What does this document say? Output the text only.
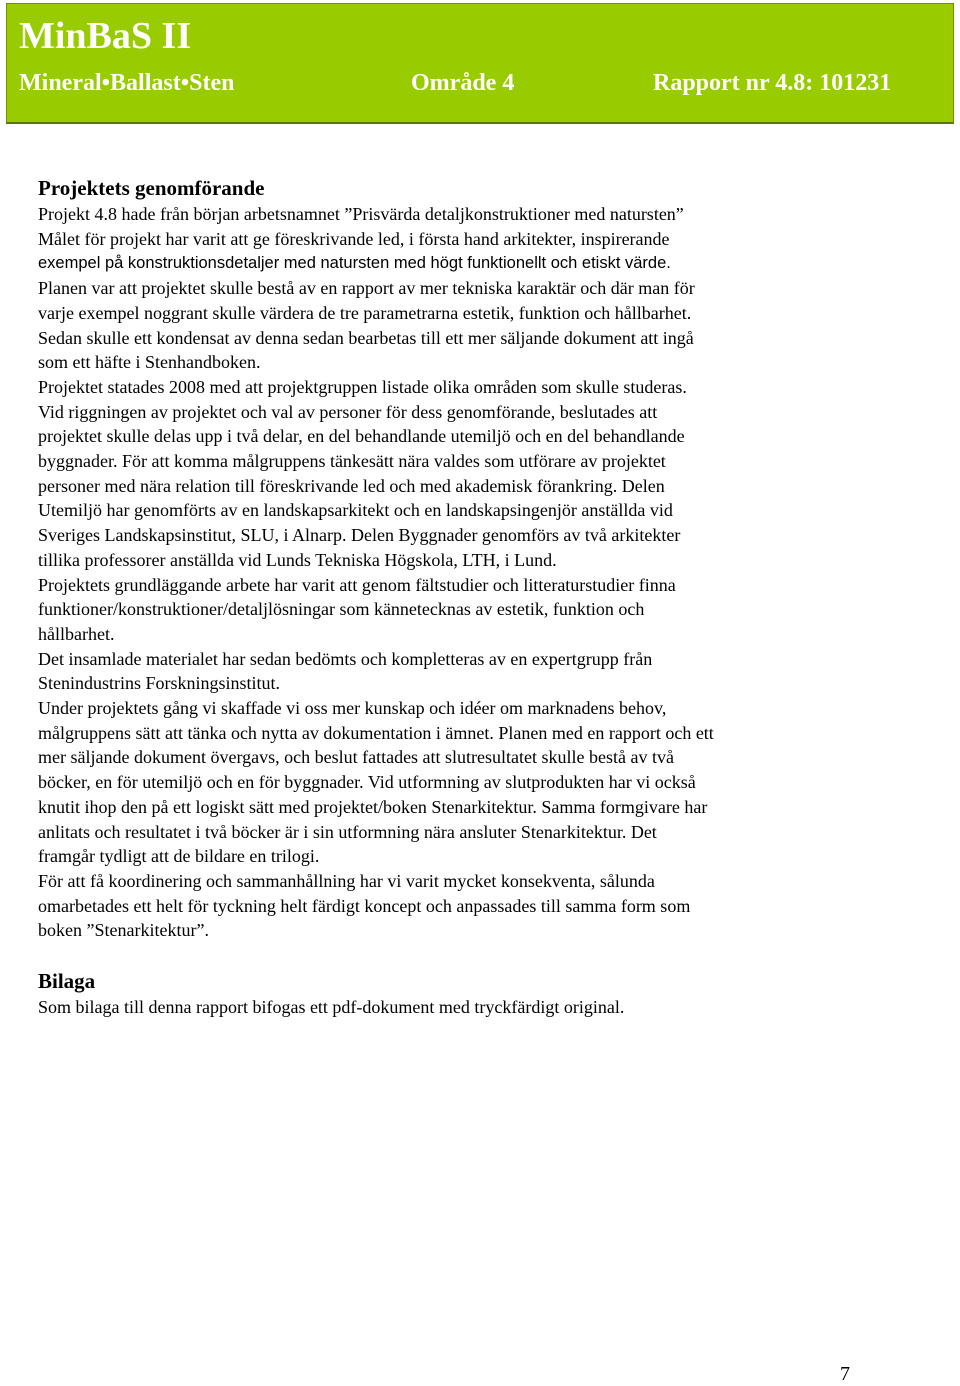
MinBaS II
Mineral•Ballast•Sten	Område 4	Rapport nr 4.8: 101231
Projektets genomförande

Projekt 4.8 hade från början arbetsnamnet ”Prisvärda detaljkonstruktioner med natursten”
Målet för projekt har varit att ge föreskrivande led, i första hand arkitekter, inspirerande
exempel på konstruktionsdetaljer med natursten med högt funktionellt och etiskt värde.
Planen var att projektet skulle bestå av en rapport av mer tekniska karaktär och där man för
varje exempel noggrant skulle värdera de tre parametrarna estetik, funktion och hållbarhet.
Sedan skulle ett kondensat av denna sedan bearbetas till ett mer säljande dokument att ingå
som ett häfte i Stenhandboken.

Projektet statades 2008 med att projektgruppen listade olika områden som skulle studeras.

Vid riggningen av projektet och val av personer för dess genomförande, beslutades att
projektet skulle delas upp i två delar, en del behandlande utemiljö och en del behandlande
byggnader. För att komma målgruppens tänkesätt nära valdes som utförare av projektet
personer med nära relation till föreskrivande led och med akademisk förankring. Delen
Utemiljö har genomförts av en landskapsarkitekt och en landskapsingenjör anställda vid
Sveriges Landskapsinstitut, SLU, i Alnarp. Delen Byggnader genomförs av två arkitekter
tillika professorer anställda vid Lunds Tekniska Högskola, LTH, i Lund.

Projektets grundläggande arbete har varit att genom fältstudier och litteraturstudier finna
funktioner/konstruktioner/detaljlösningar som kännetecknas av estetik, funktion och
hållbarhet.

Det insamlade materialet har sedan bedömts och kompletteras av en expertgrupp från
Stenindustrins Forskningsinstitut.

Under projektets gång vi skaffade vi oss mer kunskap och idéer om marknadens behov,
målgruppens sätt att tänka och nytta av dokumentation i ämnet. Planen med en rapport och ett
mer säljande dokument övergavs, och beslut fattades att slutresultatet skulle bestå av två
böcker, en för utemiljö och en för byggnader. Vid utformning av slutprodukten har vi också
knutit ihop den på ett logiskt sätt med projektet/boken Stenarkitektur. Samma formgivare har
anlitats och resultatet i två böcker är i sin utformning nära ansluter Stenarkitektur. Det
framgår tydligt att de bildare en trilogi.

För att få koordinering och sammanhållning har vi varit mycket konsekventa, sålunda
omarbetades ett helt för tyckning helt färdigt koncept och anpassades till samma form som
boken ”Stenarkitektur”.

Bilaga

Som bilaga till denna rapport bifogas ett pdf-dokument med tryckfärdigt original.

7
